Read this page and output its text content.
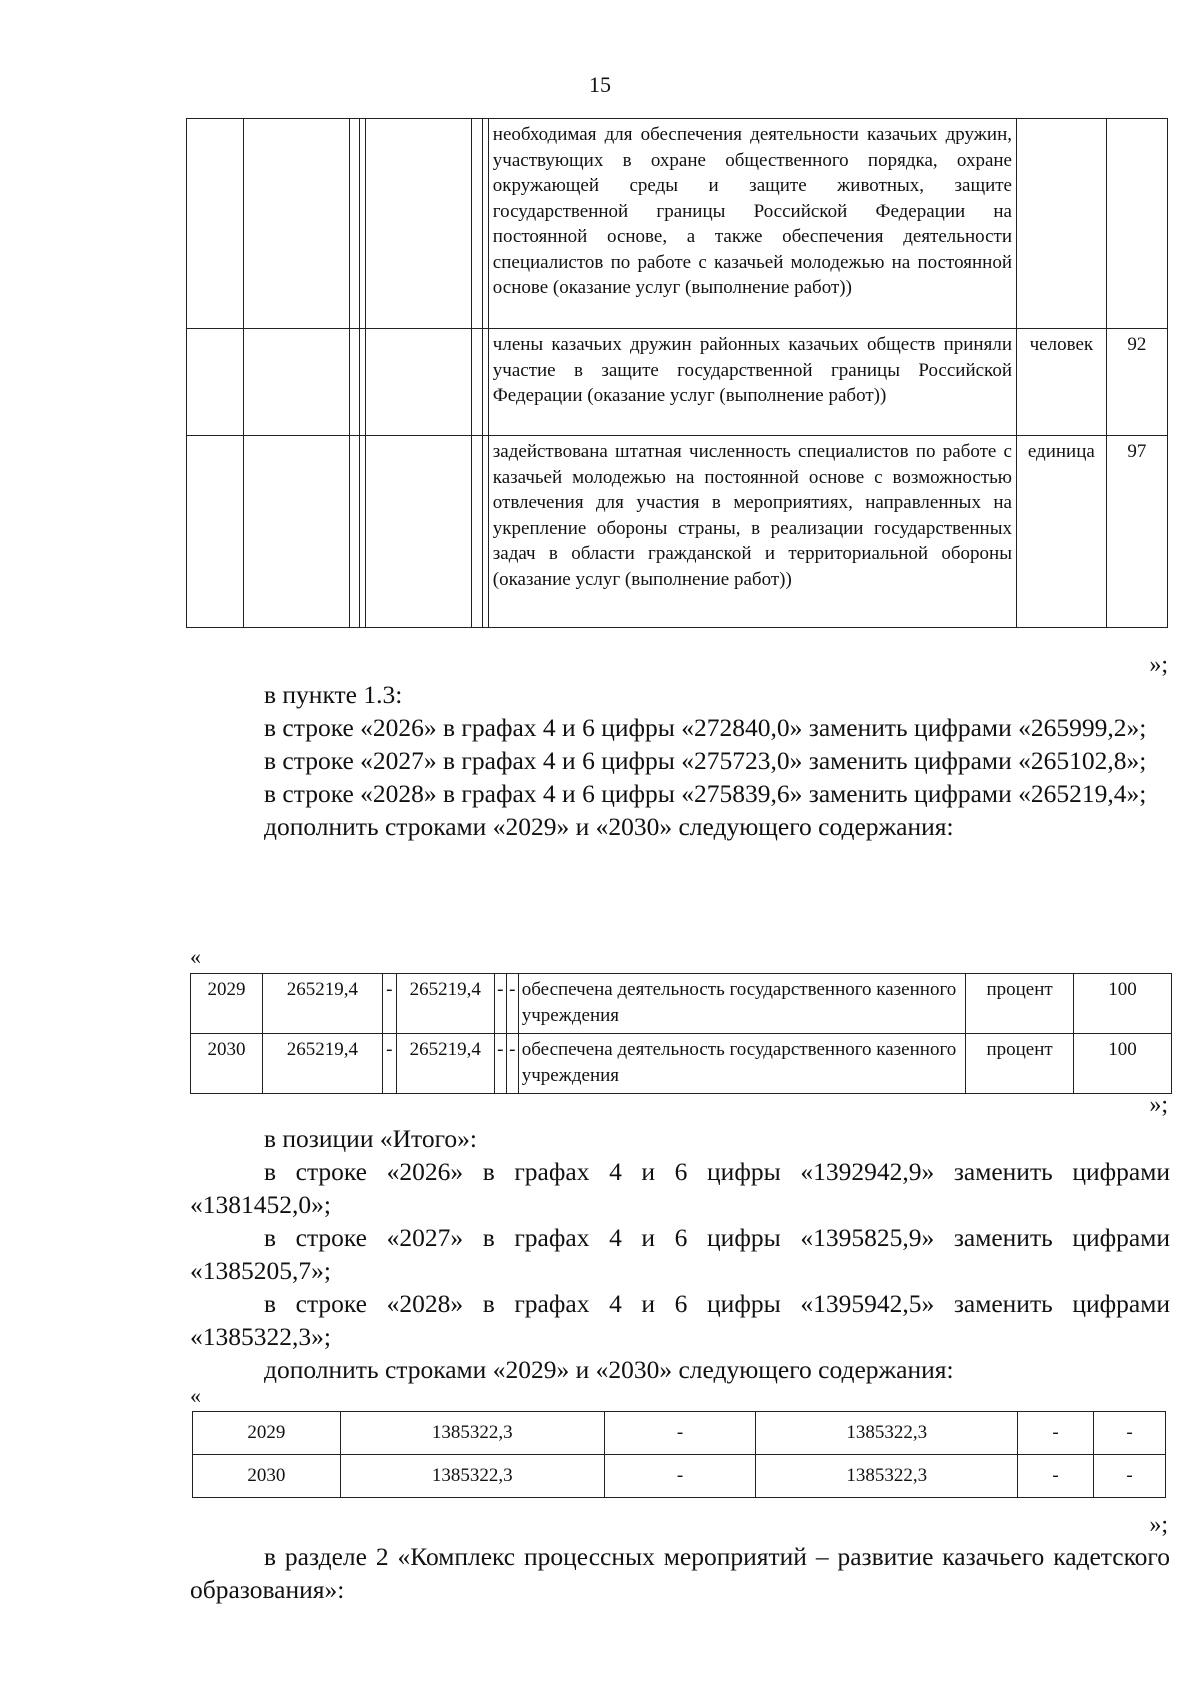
15
							необходимая для обеспечения деятельности казачьих дружин, участвующих в охране общественного порядка, охране окружающей среды и защите животных, защите государственной границы Российской Федерации на постоянной основе, а также обеспечения деятельности специалистов по работе с казачьей молодежью на постоянной основе (оказание услуг (выполнение работ))		
							члены казачьих дружин районных казачьих обществ приняли участие в защите государственной границы Российской Федерации (оказание услуг (выполнение работ))	человек	92
							задействована штатная численность специалистов по работе с казачьей молодежью на постоянной основе с возможностью отвлечения для участия в мероприятиях, направленных на укрепление обороны страны, в реализации государственных задач в области гражданской и территориальной обороны (оказание услуг (выполнение работ))	единица	97
»;

в пункте 1.3:

в строке «2026» в графах 4 и 6 цифры «272840,0» заменить цифрами «265999,2»;

в строке «2027» в графах 4 и 6 цифры «275723,0» заменить цифрами «265102,8»;

в строке «2028» в графах 4 и 6 цифры «275839,6» заменить цифрами «265219,4»;

дополнить строками «2029» и «2030» следующего содержания:

«
2029	265219,4	-	265219,4	-	-	обеспечена деятельность государственного казенного учреждения	процент	100
2030	265219,4	-	265219,4	-	-	обеспечена деятельность государственного казенного учреждения	процент	100
»;

в позиции «Итого»:

в строке «2026» в графах 4 и 6 цифры «1392942,9» заменить цифрами «1381452,0»;

в строке «2027» в графах 4 и 6 цифры «1395825,9» заменить цифрами «1385205,7»;

в строке «2028» в графах 4 и 6 цифры «1395942,5» заменить цифрами «1385322,3»;

дополнить строками «2029» и «2030» следующего содержания:

«
2029	1385322,3	-	1385322,3	-	-
2030	1385322,3	-	1385322,3	-	-
»;

в разделе 2 «Комплекс процессных мероприятий – развитие казачьего кадетского образования»:
